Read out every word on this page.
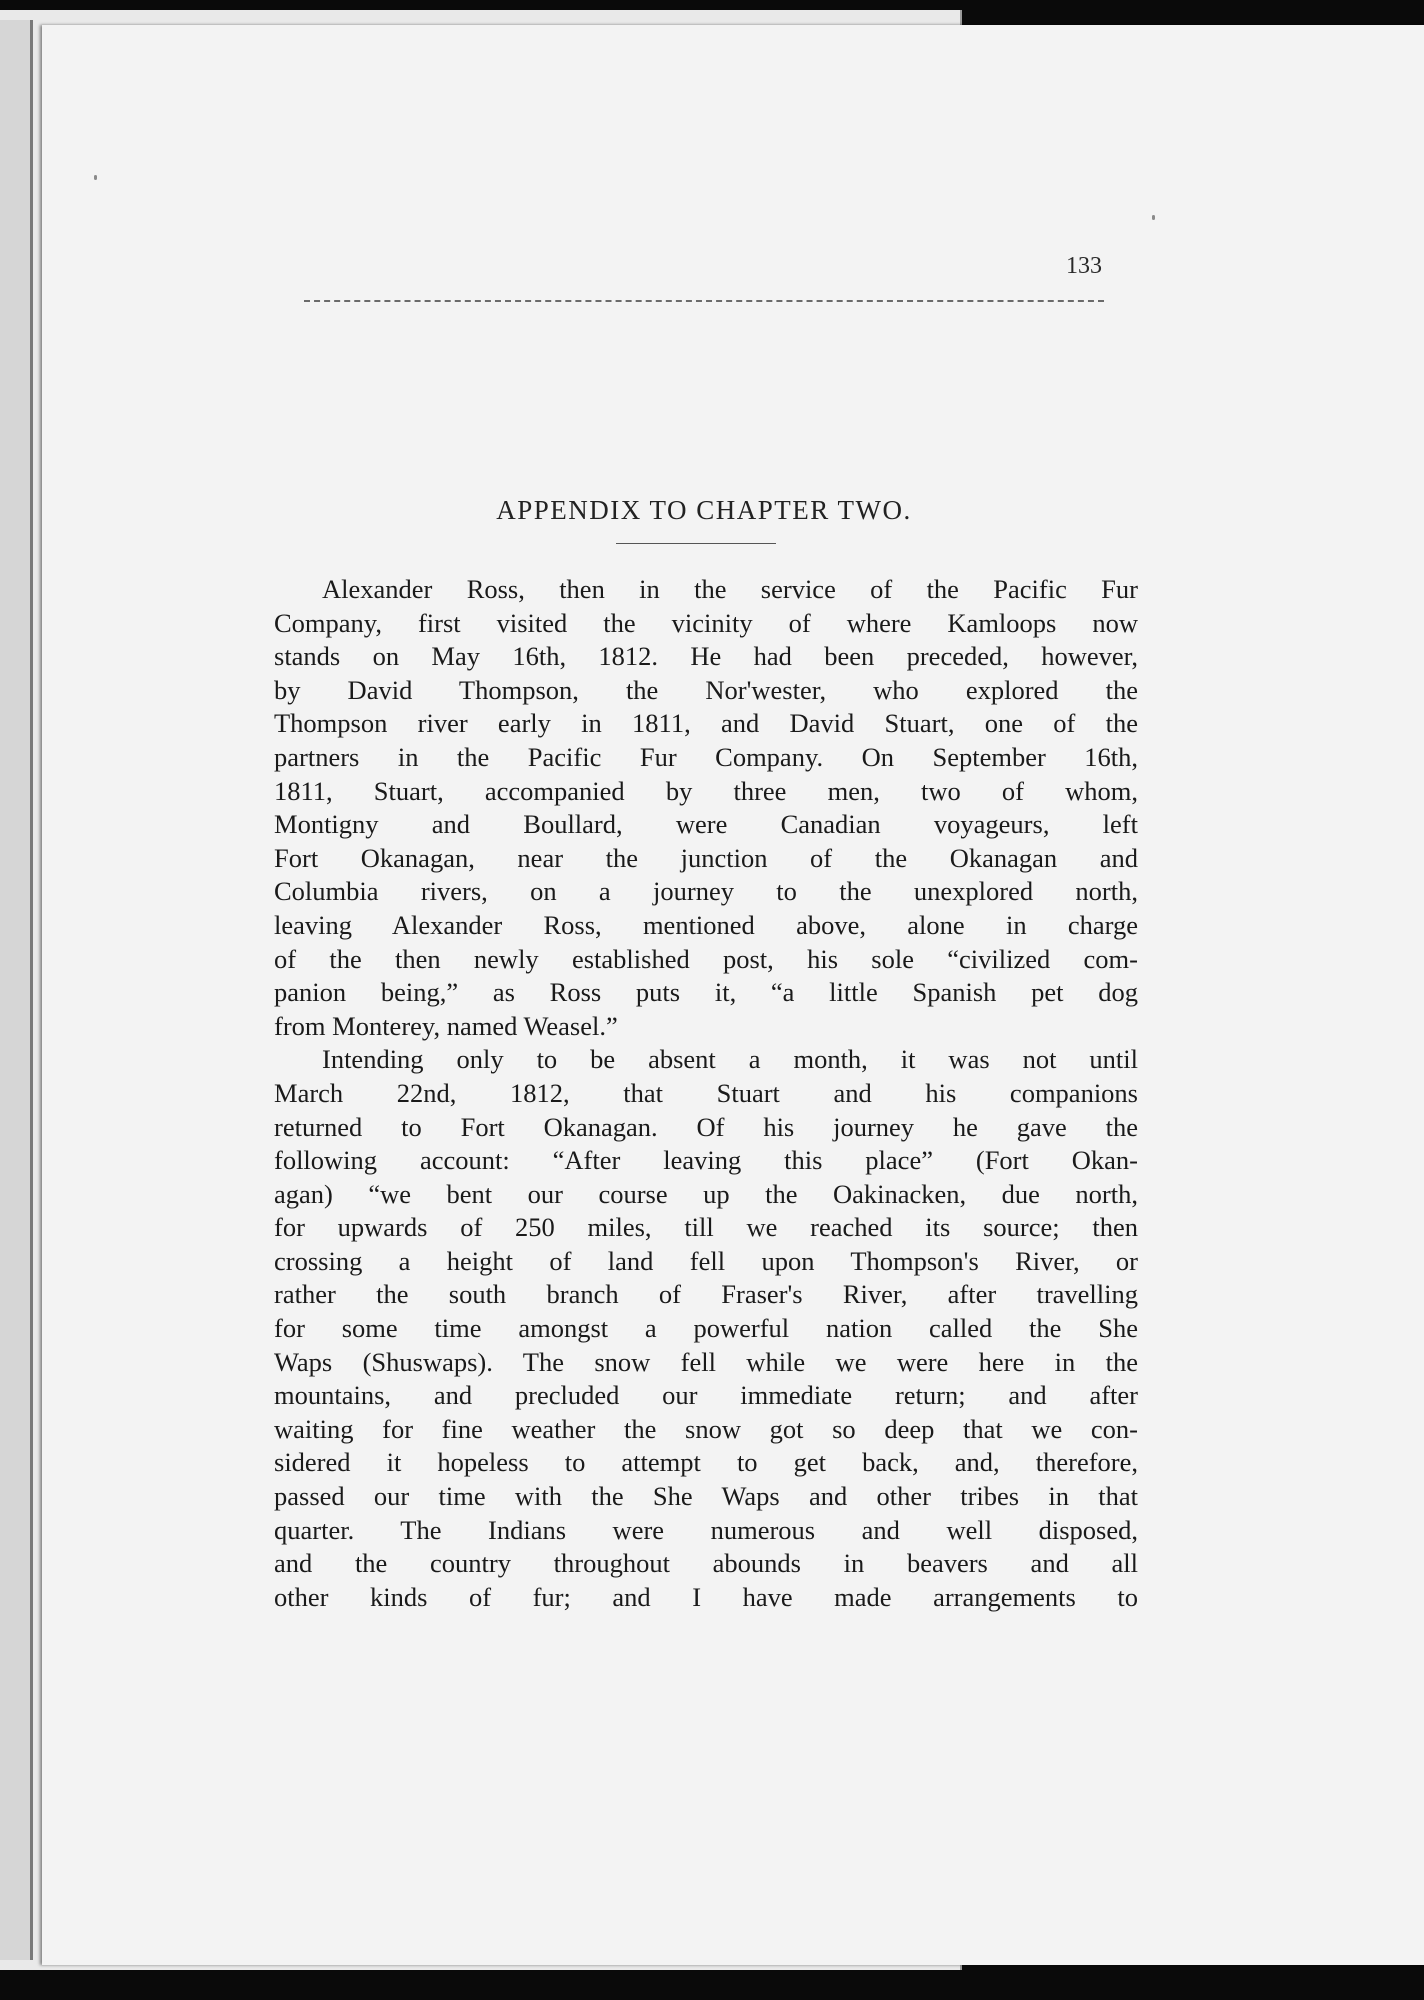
133
APPENDIX TO CHAPTER TWO.
Alexander Ross, then in the service of the Pacific Fur
Company, first visited the vicinity of where Kamloops now
stands on May 16th, 1812. He had been preceded, however,
by David Thompson, the Nor'wester, who explored the
Thompson river early in 1811, and David Stuart, one of the
partners in the Pacific Fur Company. On September 16th,
1811, Stuart, accompanied by three men, two of whom,
Montigny and Boullard, were Canadian voyageurs, left
Fort Okanagan, near the junction of the Okanagan and
Columbia rivers, on a journey to the unexplored north,
leaving Alexander Ross, mentioned above, alone in charge
of the then newly established post, his sole “civilized com-
panion being,” as Ross puts it, “a little Spanish pet dog
from Monterey, named Weasel.”
Intending only to be absent a month, it was not until
March 22nd, 1812, that Stuart and his companions
returned to Fort Okanagan. Of his journey he gave the
following account: “After leaving this place” (Fort Okan-
agan) “we bent our course up the Oakinacken, due north,
for upwards of 250 miles, till we reached its source; then
crossing a height of land fell upon Thompson's River, or
rather the south branch of Fraser's River, after travelling
for some time amongst a powerful nation called the She
Waps (Shuswaps). The snow fell while we were here in the
mountains, and precluded our immediate return; and after
waiting for fine weather the snow got so deep that we con-
sidered it hopeless to attempt to get back, and, therefore,
passed our time with the She Waps and other tribes in that
quarter. The Indians were numerous and well disposed,
and the country throughout abounds in beavers and all
other kinds of fur; and I have made arrangements to
